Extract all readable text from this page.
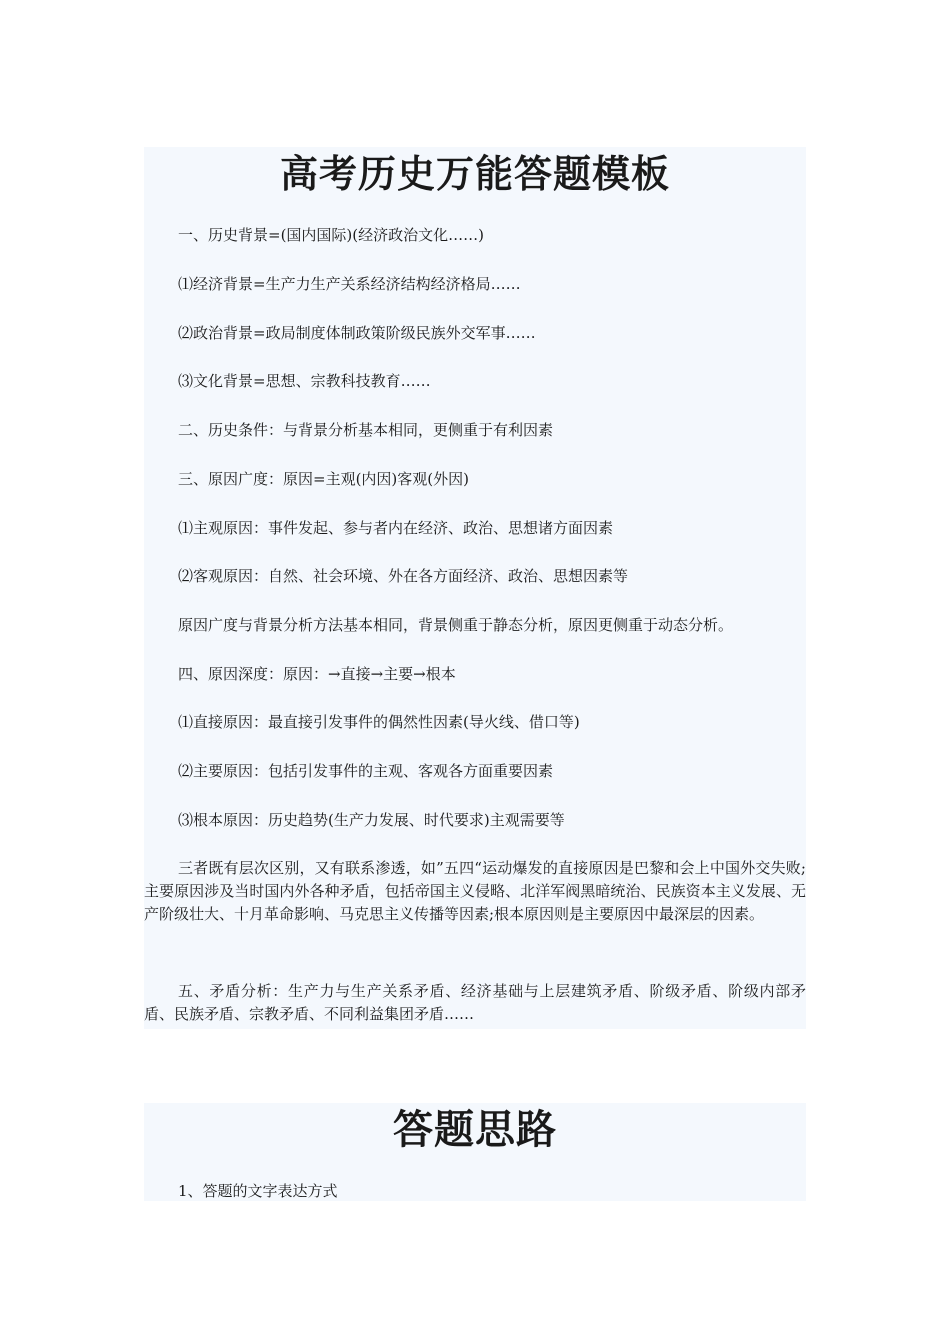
高考历史万能答题模板
一、历史背景=(国内国际)(经济政治文化……)
⑴经济背景=生产力生产关系经济结构经济格局……
⑵政治背景=政局制度体制政策阶级民族外交军事……
⑶文化背景=思想、宗教科技教育……
二、历史条件：与背景分析基本相同，更侧重于有利因素
三、原因广度：原因=主观(内因)客观(外因)
⑴主观原因：事件发起、参与者内在经济、政治、思想诸方面因素
⑵客观原因：自然、社会环境、外在各方面经济、政治、思想因素等
原因广度与背景分析方法基本相同，背景侧重于静态分析，原因更侧重于动态分析。
四、原因深度：原因：→直接→主要→根本
⑴直接原因：最直接引发事件的偶然性因素(导火线、借口等)
⑵主要原因：包括引发事件的主观、客观各方面重要因素
⑶根本原因：历史趋势(生产力发展、时代要求)主观需要等
三者既有层次区别，又有联系渗透，如”五四“运动爆发的直接原因是巴黎和会上中国外交失败;主要原因涉及当时国内外各种矛盾，包括帝国主义侵略、北洋军阀黑暗统治、民族资本主义发展、无产阶级壮大、十月革命影响、马克思主义传播等因素;根本原因则是主要原因中最深层的因素。
五、矛盾分析：生产力与生产关系矛盾、经济基础与上层建筑矛盾、阶级矛盾、阶级内部矛盾、民族矛盾、宗教矛盾、不同利益集团矛盾……
答题思路
1、答题的文字表达方式
